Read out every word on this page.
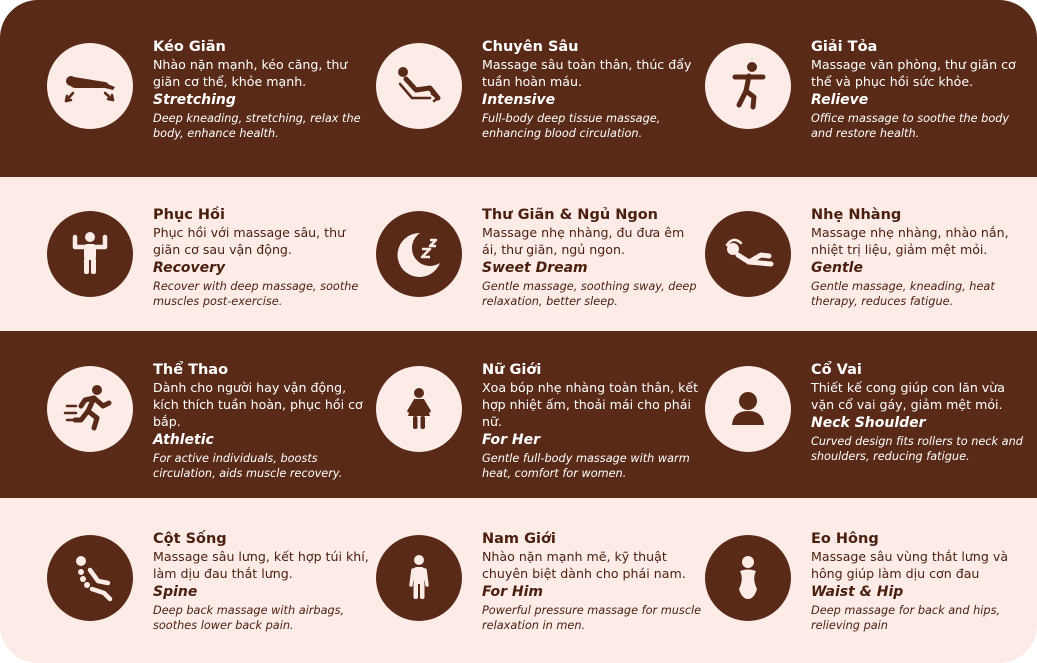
Kéo Giãn
Nhào nặn mạnh, kéo căng, thư giãn cơ thể, khỏe mạnh.
Stretching
Deep kneading, stretching, relax the body, enhance health.
Chuyên Sâu
Massage sâu toàn thân, thúc đẩy tuần hoàn máu.
Intensive
Full-body deep tissue massage, enhancing blood circulation.
Giải Tỏa
Massage văn phòng, thư giãn cơ thể và phục hồi sức khỏe.
Relieve
Office massage to soothe the body and restore health.
Phục Hồi
Phục hồi với massage sâu, thư giãn cơ sau vận động.
Recovery
Recover with deep massage, soothe muscles post-exercise.
Thư Giãn & Ngủ Ngon
Massage nhẹ nhàng, đu đưa êm ái, thư giãn, ngủ ngon.
Sweet Dream
Gentle massage, soothing sway, deep relaxation, better sleep.
Nhẹ Nhàng
Massage nhẹ nhàng, nhào nắn, nhiệt trị liệu, giảm mệt mỏi.
Gentle
Gentle massage, kneading, heat therapy, reduces fatigue.
Thể Thao
Dành cho người hay vận động, kích thích tuần hoàn, phục hồi cơ bắp.
Athletic
For active individuals, boosts circulation, aids muscle recovery.
Nữ Giới
Xoa bóp nhẹ nhàng toàn thân, kết hợp nhiệt ấm, thoải mái cho phái nữ.
For Her
Gentle full-body massage with warm heat, comfort for women.
Cổ Vai
Thiết kế cong giúp con lăn vừa vặn cổ vai gáy, giảm mệt mỏi.
Neck Shoulder
Curved design fits rollers to neck and shoulders, reducing fatigue.
Cột Sống
Massage sâu lưng, kết hợp túi khí, làm dịu đau thắt lưng.
Spine
Deep back massage with airbags, soothes lower back pain.
Nam Giới
Nhào nặn mạnh mẽ, kỹ thuật chuyên biệt dành cho phái nam.
For Him
Powerful pressure massage for muscle relaxation in men.
Eo Hông
Massage sâu vùng thắt lưng và hông giúp làm dịu cơn đau
Waist & Hip
Deep massage for back and hips, relieving pain
